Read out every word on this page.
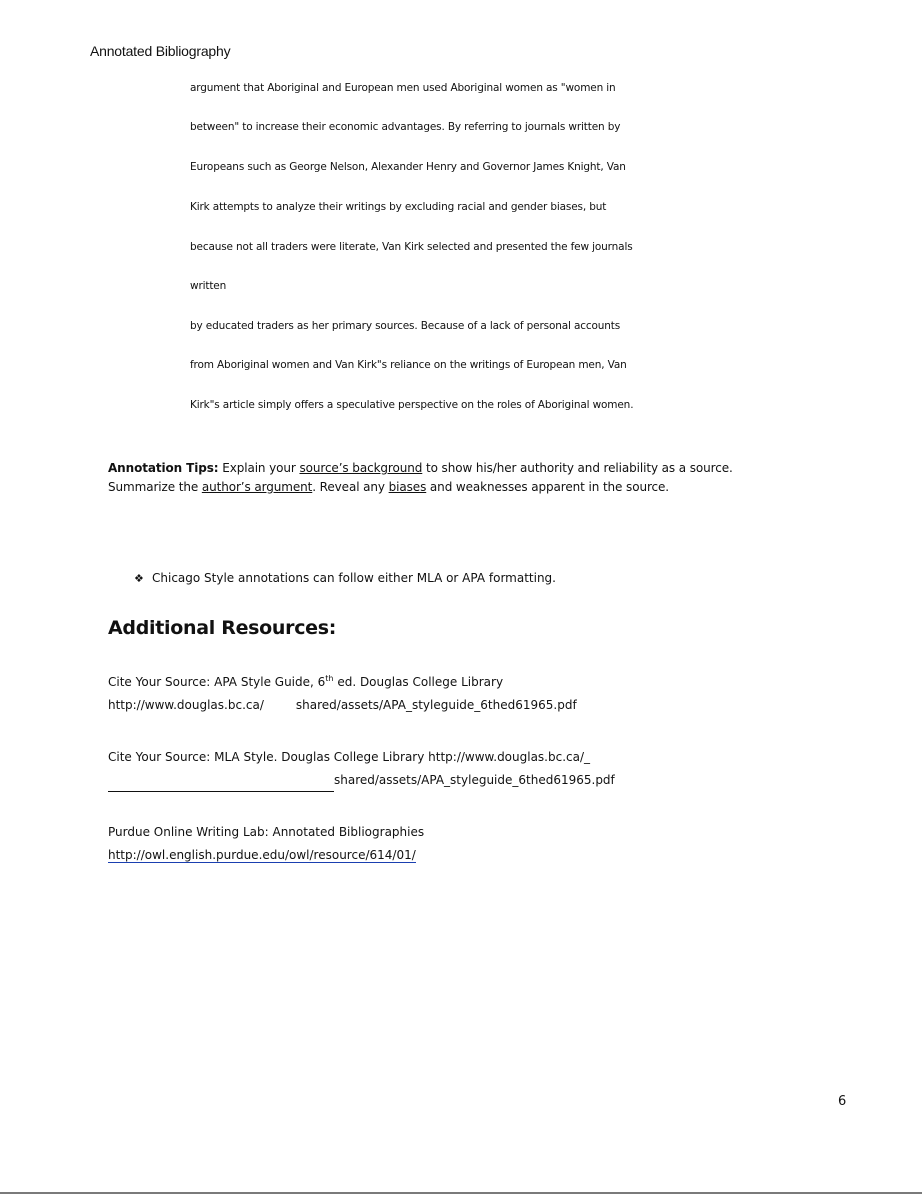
Annotated Bibliography
argument that Aboriginal and European men used Aboriginal women as "women in
between" to increase their economic advantages. By referring to journals written by
Europeans such as George Nelson, Alexander Henry and Governor James Knight, Van
Kirk attempts to analyze their writings by excluding racial and gender biases, but
because not all traders were literate, Van Kirk selected and presented the few journals
written
by educated traders as her primary sources. Because of a lack of personal accounts
from Aboriginal women and Van Kirk"s reliance on the writings of European men, Van
Kirk"s article simply offers a speculative perspective on the roles of Aboriginal women.
Annotation Tips: Explain your source’s background to show his/her authority and reliability as a source. Summarize the author’s argument. Reveal any biases and weaknesses apparent in the source.
❖ Chicago Style annotations can follow either MLA or APA formatting.
Additional Resources:
Cite Your Source: APA Style Guide, 6th ed. Douglas College Library
http://www.douglas.bc.ca/	shared/assets/APA_styleguide_6thed61965.pdf
Cite Your Source: MLA Style. Douglas College Library http://www.douglas.bc.ca/_
shared/assets/APA_styleguide_6thed61965.pdf
Purdue Online Writing Lab: Annotated Bibliographies
http://owl.english.purdue.edu/owl/resource/614/01/
6
